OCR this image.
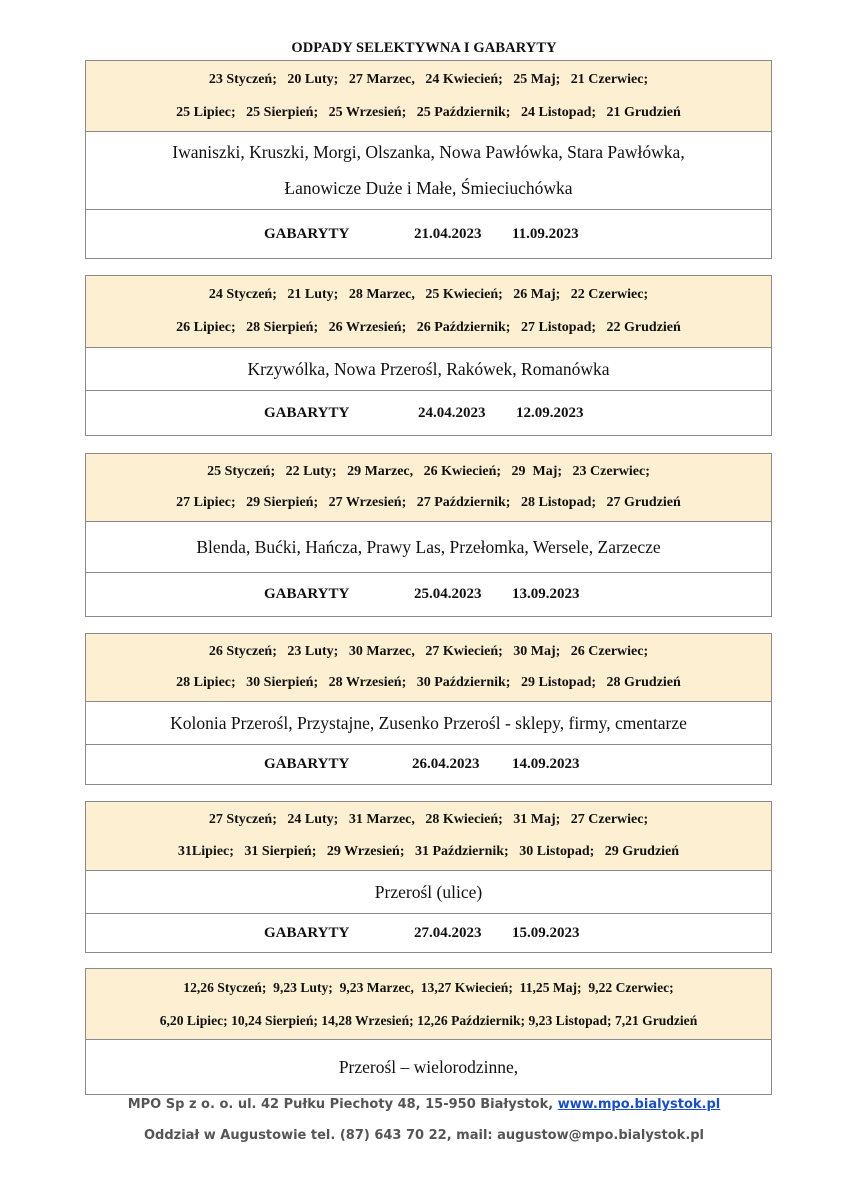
ODPADY SELEKTYWNA I GABARYTY
23 Styczeń;   20 Luty;   27 Marzec,   24 Kwiecień;   25 Maj;   21 Czerwiec;
25 Lipiec;   25 Sierpień;   25 Wrzesień;   25 Październik;   24 Listopad;   21 Grudzień
Iwaniszki, Kruszki, Morgi, Olszanka, Nowa Pawłówka, Stara Pawłówka,
Łanowicze Duże i Małe, Śmieciuchówka
GABARYTY	21.04.2023 11.09.2023
24 Styczeń;   21 Luty;   28 Marzec,   25 Kwiecień;   26 Maj;   22 Czerwiec;
26 Lipiec;   28 Sierpień;   26 Wrzesień;   26 Październik;   27 Listopad;   22 Grudzień
Krzywólka, Nowa Przerośl, Rakówek, Romanówka
GABARYTY	24.04.2023 12.09.2023
25 Styczeń;   22 Luty;   29 Marzec,   26 Kwiecień;   29  Maj;   23 Czerwiec;
27 Lipiec;   29 Sierpień;   27 Wrzesień;   27 Październik;   28 Listopad;   27 Grudzień
Blenda, Bućki, Hańcza, Prawy Las, Przełomka, Wersele, Zarzecze
GABARYTY	25.04.2023 13.09.2023
26 Styczeń;   23 Luty;   30 Marzec,   27 Kwiecień;   30 Maj;   26 Czerwiec;
28 Lipiec;   30 Sierpień;   28 Wrzesień;   30 Październik;   29 Listopad;   28 Grudzień
Kolonia Przerośl, Przystajne, Zusenko Przerośl - sklepy, firmy, cmentarze
GABARYTY	26.04.2023 14.09.2023
27 Styczeń;   24 Luty;   31 Marzec,   28 Kwiecień;   31 Maj;   27 Czerwiec;
31Lipiec;   31 Sierpień;   29 Wrzesień;   31 Październik;   30 Listopad;   29 Grudzień
Przerośl (ulice)
GABARYTY	27.04.2023 15.09.2023
12,26 Styczeń;  9,23 Luty;  9,23 Marzec,  13,27 Kwiecień;  11,25 Maj;  9,22 Czerwiec;
6,20 Lipiec; 10,24 Sierpień; 14,28 Wrzesień; 12,26 Październik; 9,23 Listopad; 7,21 Grudzień
Przerośl – wielorodzinne,
MPO Sp z o. o. ul. 42 Pułku Piechoty 48, 15-950 Białystok, www.mpo.bialystok.pl
Oddział w Augustowie tel. (87) 643 70 22, mail: augustow@mpo.bialystok.pl
